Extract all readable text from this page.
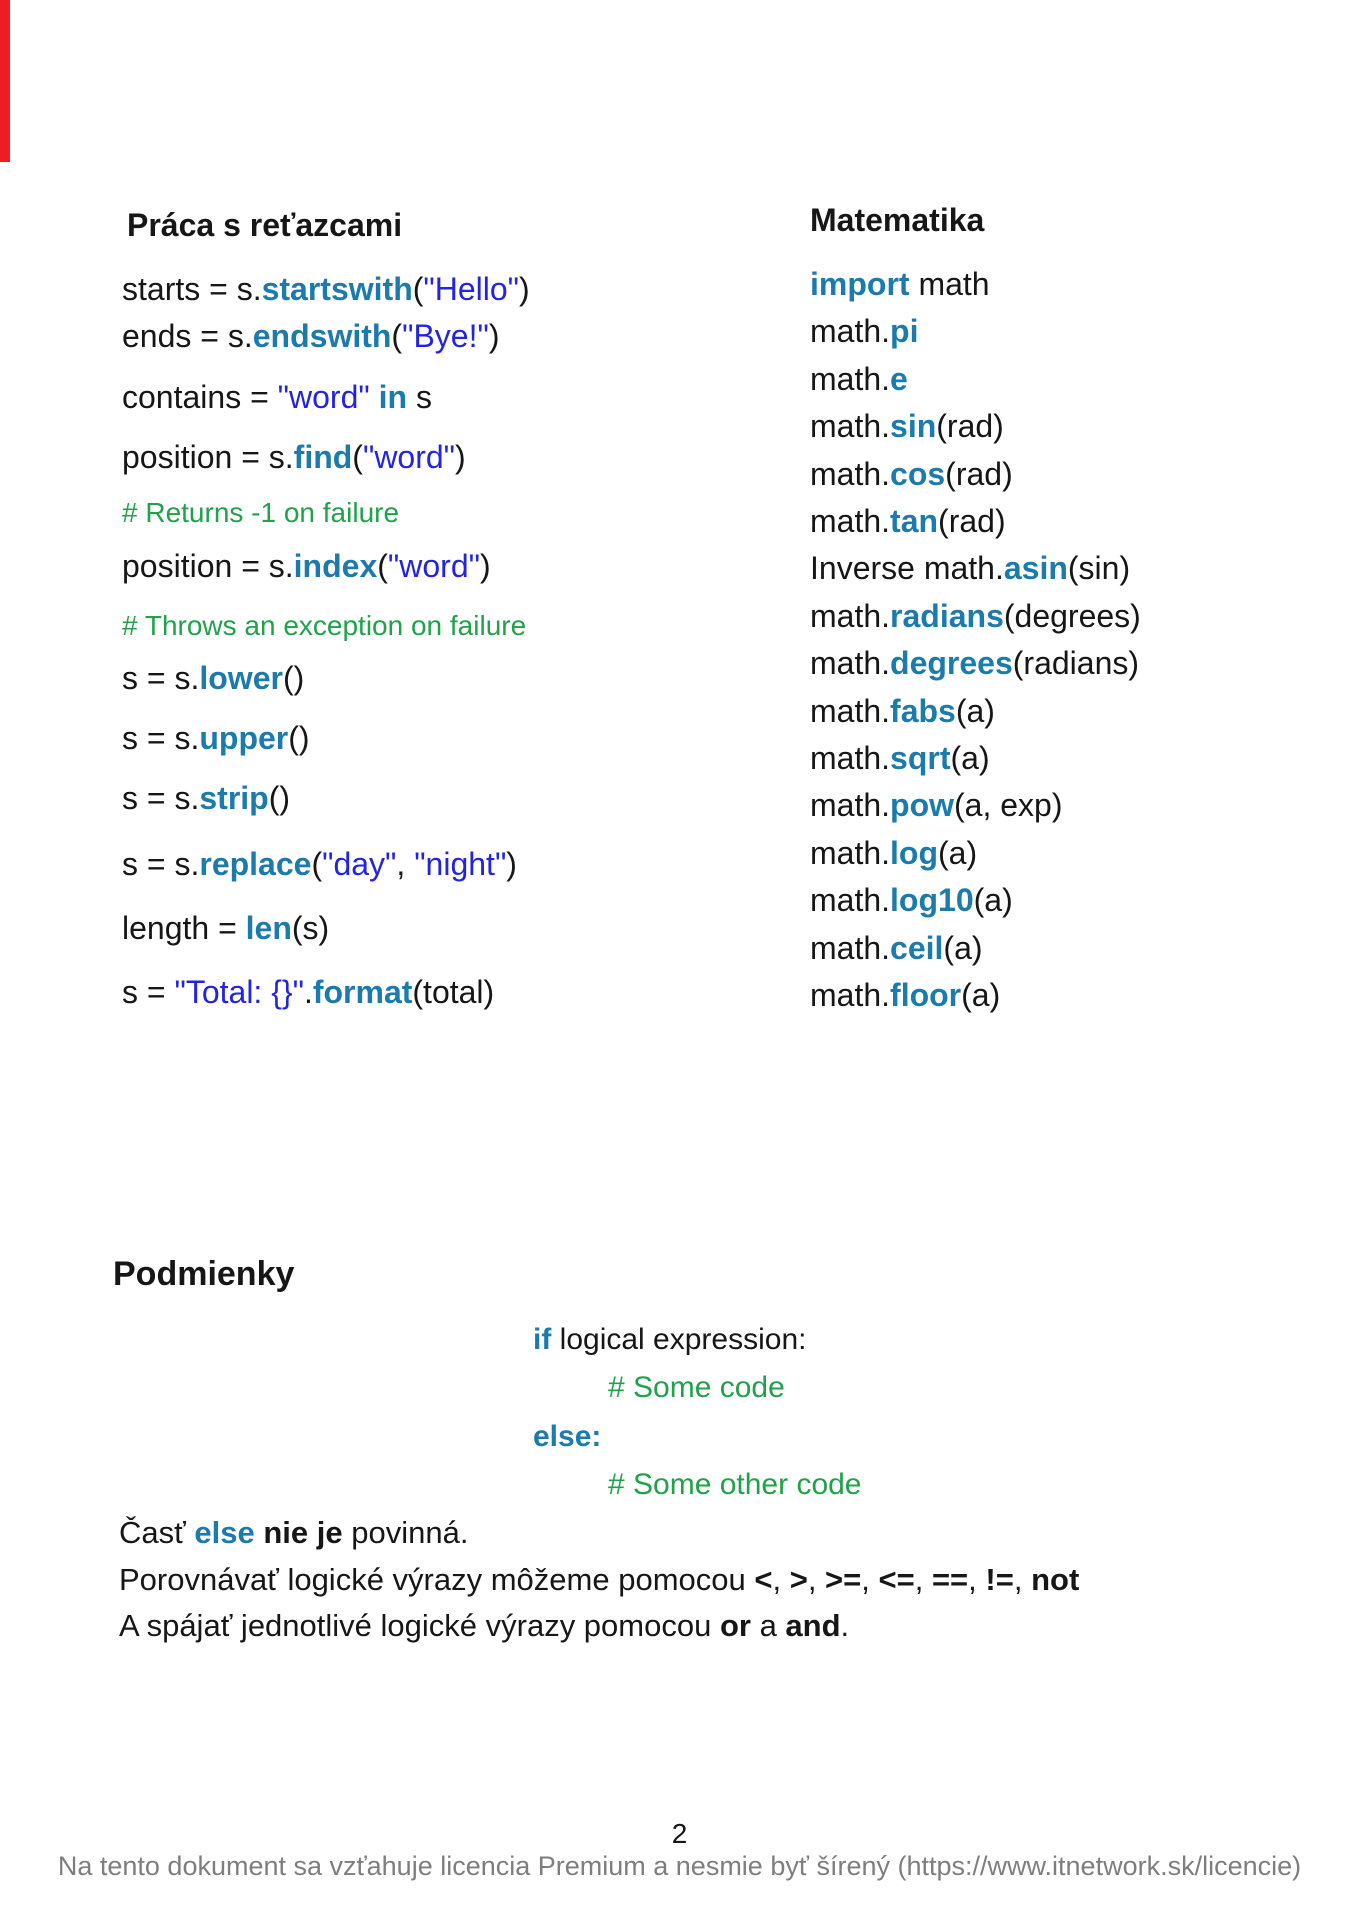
Práca s reťazcami
starts = s.startswith("Hello")
ends = s.endswith("Bye!")
contains = "word" in s
position = s.find("word")
# Returns -1 on failure
position = s.index("word")
# Throws an exception on failure
s = s.lower()
s = s.upper()
s = s.strip()
s = s.replace("day", "night")
length = len(s)
s = "Total: {}".format(total)
Matematika
import math
math.pi
math.e
math.sin(rad)
math.cos(rad)
math.tan(rad)
Inverse math.asin(sin)
math.radians(degrees)
math.degrees(radians)
math.fabs(a)
math.sqrt(a)
math.pow(a, exp)
math.log(a)
math.log10(a)
math.ceil(a)
math.floor(a)
Podmienky
if logical expression:
# Some code
else:
# Some other code
Časť else nie je povinná.
Porovnávať logické výrazy môžeme pomocou <, >, >=, <=, ==, !=, not
A spájať jednotlivé logické výrazy pomocou or a and.
2
Na tento dokument sa vzťahuje licencia Premium a nesmie byť šírený (https://www.itnetwork.sk/licencie)
